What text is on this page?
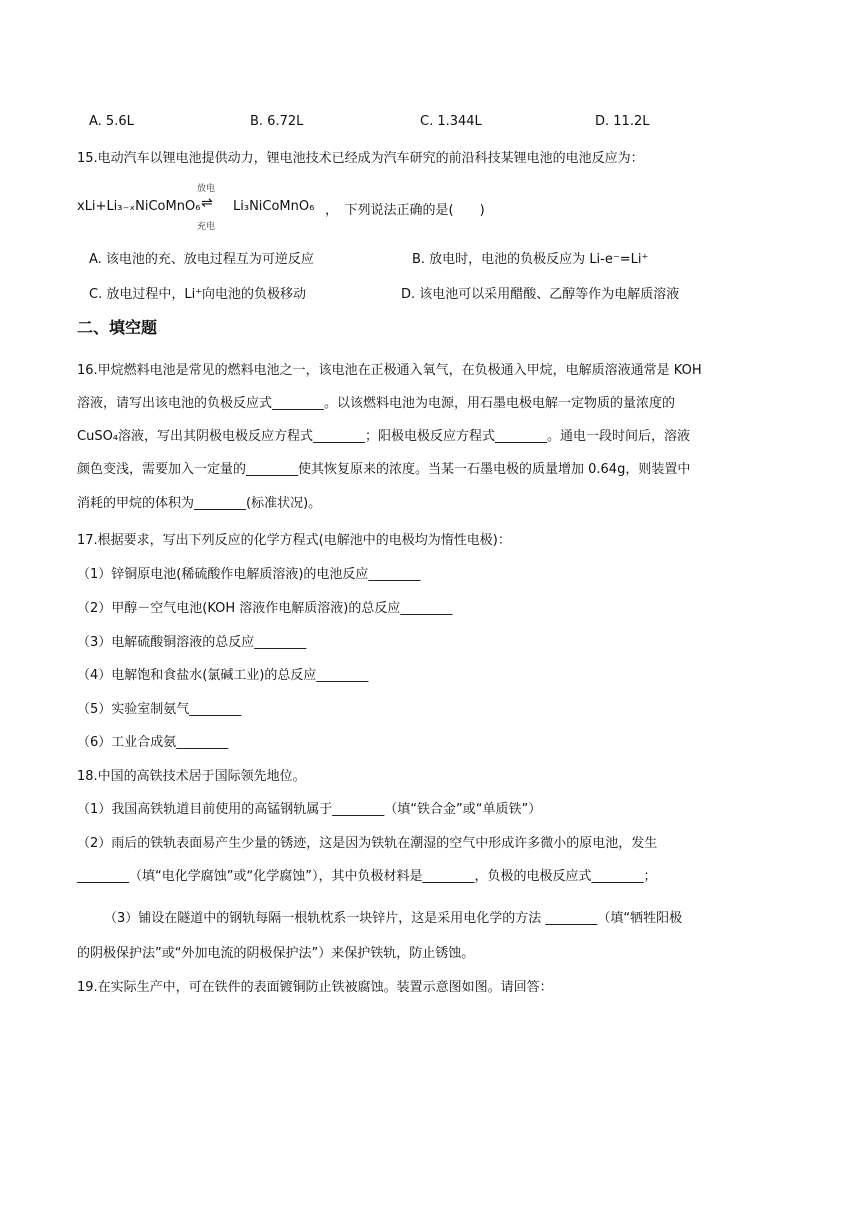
A. 5.6L	B. 6.72L	C. 1.344L	D. 11.2L
15.电动汽车以锂电池提供动力，锂电池技术已经成为汽车研究的前沿科技某锂电池的电池反应为：
xLi+Li₃₋ₓNiCoMnO₆
放电
⇌
充电
Li₃NiCoMnO₆ ，　下列说法正确的是(　　)
A. 该电池的充、放电过程互为可逆反应	B. 放电时，电池的负极反应为 Li-e⁻=Li⁺
C. 放电过程中，Li⁺向电池的负极移动	D. 该电池可以采用醋酸、乙醇等作为电解质溶液
二、填空题
16.甲烷燃料电池是常见的燃料电池之一，该电池在正极通入氧气，在负极通入甲烷，电解质溶液通常是 KOH
溶液，请写出该电池的负极反应式________。以该燃料电池为电源，用石墨电极电解一定物质的量浓度的
CuSO₄溶液，写出其阴极电极反应方程式________；阳极电极反应方程式________。通电一段时间后，溶液
颜色变浅，需要加入一定量的________使其恢复原来的浓度。当某一石墨电极的质量增加 0.64g，则装置中
消耗的甲烷的体积为________(标准状况)。
17.根据要求，写出下列反应的化学方程式(电解池中的电极均为惰性电极)：
（1）锌铜原电池(稀硫酸作电解质溶液)的电池反应________
（2）甲醇－空气电池(KOH 溶液作电解质溶液)的总反应________
（3）电解硫酸铜溶液的总反应________
（4）电解饱和食盐水(氯碱工业)的总反应________
（5）实验室制氨气________
（6）工业合成氨________
18.中国的高铁技术居于国际领先地位。
（1）我国高铁轨道目前使用的高锰钢轨属于________（填“铁合金”或“单质铁”）
（2）雨后的铁轨表面易产生少量的锈迹，这是因为铁轨在潮湿的空气中形成许多微小的原电池，发生
________（填“电化学腐蚀”或“化学腐蚀”），其中负极材料是________，负极的电极反应式________；
（3）铺设在隧道中的钢轨每隔一根轨枕系一块锌片，这是采用电化学的方法 ________（填“牺牲阳极
的阴极保护法”或“外加电流的阴极保护法”）来保护铁轨，防止锈蚀。
19.在实际生产中，可在铁件的表面镀铜防止铁被腐蚀。装置示意图如图。请回答：
